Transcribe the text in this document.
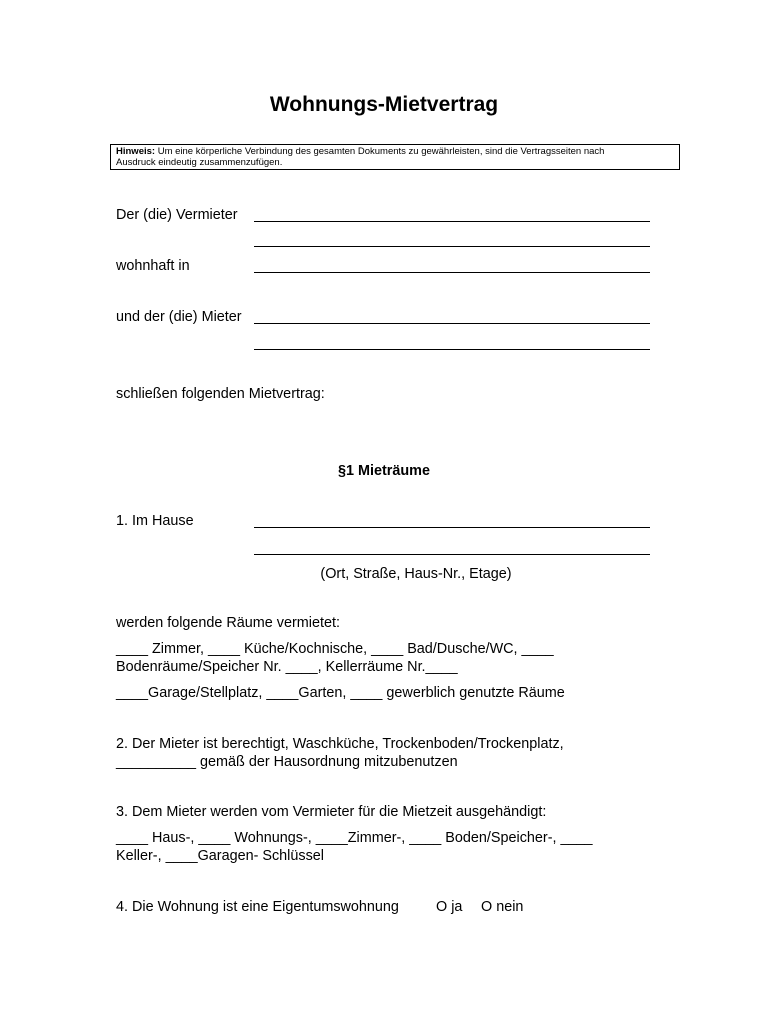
Wohnungs-Mietvertrag
Hinweis: Um eine körperliche Verbindung des gesamten Dokuments zu gewährleisten, sind die Vertragsseiten nach
Ausdruck eindeutig zusammenzufügen.
Der (die) Vermieter
wohnhaft in
und der (die) Mieter
schließen folgenden Mietvertrag:
§1 Mieträume
1. Im Hause
(Ort, Straße, Haus-Nr., Etage)
werden folgende Räume vermietet:
____ Zimmer, ____ Küche/Kochnische, ____ Bad/Dusche/WC, ____
Bodenräume/Speicher Nr. ____, Kellerräume Nr.____
____Garage/Stellplatz, ____Garten, ____ gewerblich genutzte Räume
2. Der Mieter ist berechtigt, Waschküche, Trockenboden/Trockenplatz,
__________ gemäß der Hausordnung mitzubenutzen
3. Dem Mieter werden vom Vermieter für die Mietzeit ausgehändigt:
____ Haus-, ____ Wohnungs-, ____Zimmer-, ____ Boden/Speicher-, ____
Keller-, ____Garagen- Schlüssel
4. Die Wohnung ist eine Eigentumswohnung	O ja O nein
